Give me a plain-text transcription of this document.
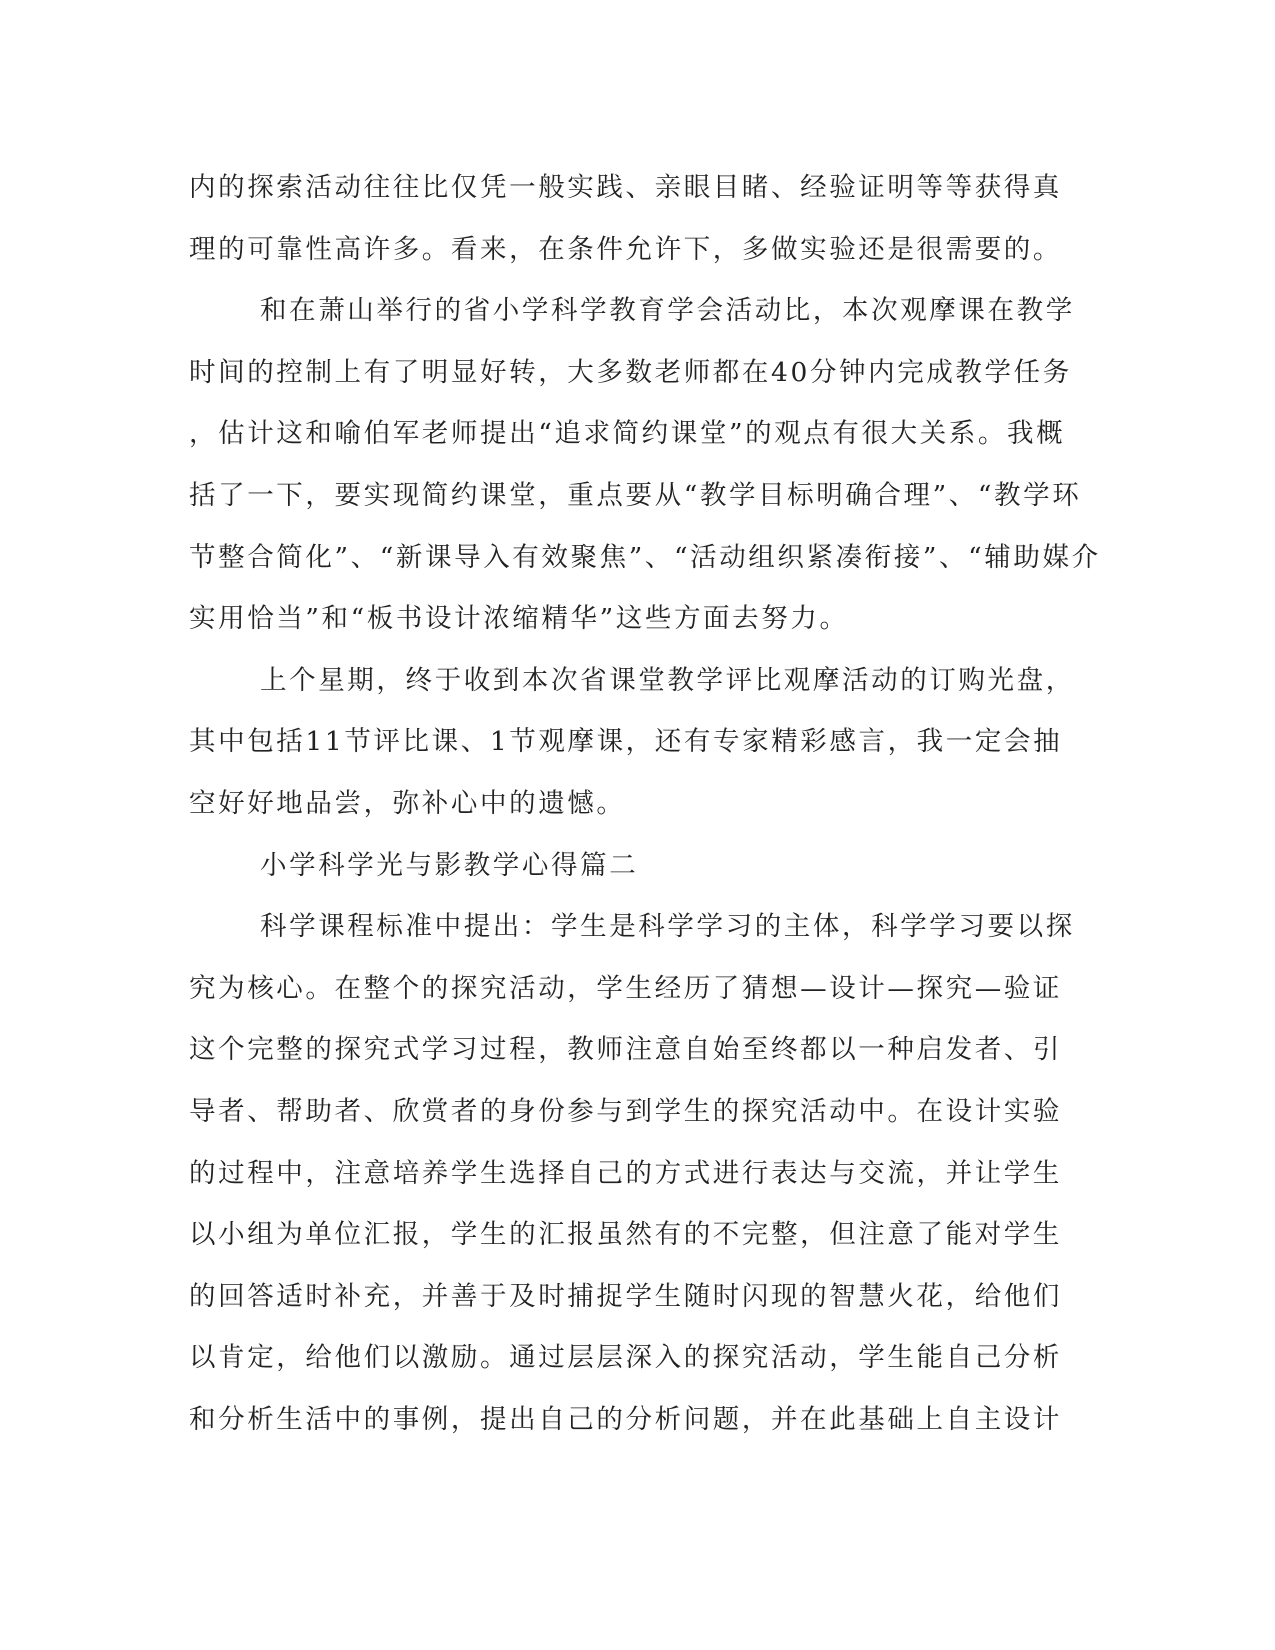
内的探索活动往往比仅凭一般实践、亲眼目睹、经验证明等等获得真
理的可靠性高许多。看来，在条件允许下，多做实验还是很需要的。
和在萧山举行的省小学科学教育学会活动比，本次观摩课在教学
时间的控制上有了明显好转，大多数老师都在40分钟内完成教学任务
，估计这和喻伯军老师提出“追求简约课堂”的观点有很大关系。我概
括了一下，要实现简约课堂，重点要从“教学目标明确合理”、“教学环
节整合简化”、“新课导入有效聚焦”、“活动组织紧凑衔接”、“辅助媒介
实用恰当”和“板书设计浓缩精华”这些方面去努力。
上个星期，终于收到本次省课堂教学评比观摩活动的订购光盘，
其中包括11节评比课、1节观摩课，还有专家精彩感言，我一定会抽
空好好地品尝，弥补心中的遗憾。
小学科学光与影教学心得篇二
科学课程标准中提出：学生是科学学习的主体，科学学习要以探
究为核心。在整个的探究活动，学生经历了猜想—设计—探究—验证
这个完整的探究式学习过程，教师注意自始至终都以一种启发者、引
导者、帮助者、欣赏者的身份参与到学生的探究活动中。在设计实验
的过程中，注意培养学生选择自己的方式进行表达与交流，并让学生
以小组为单位汇报，学生的汇报虽然有的不完整，但注意了能对学生
的回答适时补充，并善于及时捕捉学生随时闪现的智慧火花，给他们
以肯定，给他们以激励。通过层层深入的探究活动，学生能自己分析
和分析生活中的事例，提出自己的分析问题，并在此基础上自主设计
